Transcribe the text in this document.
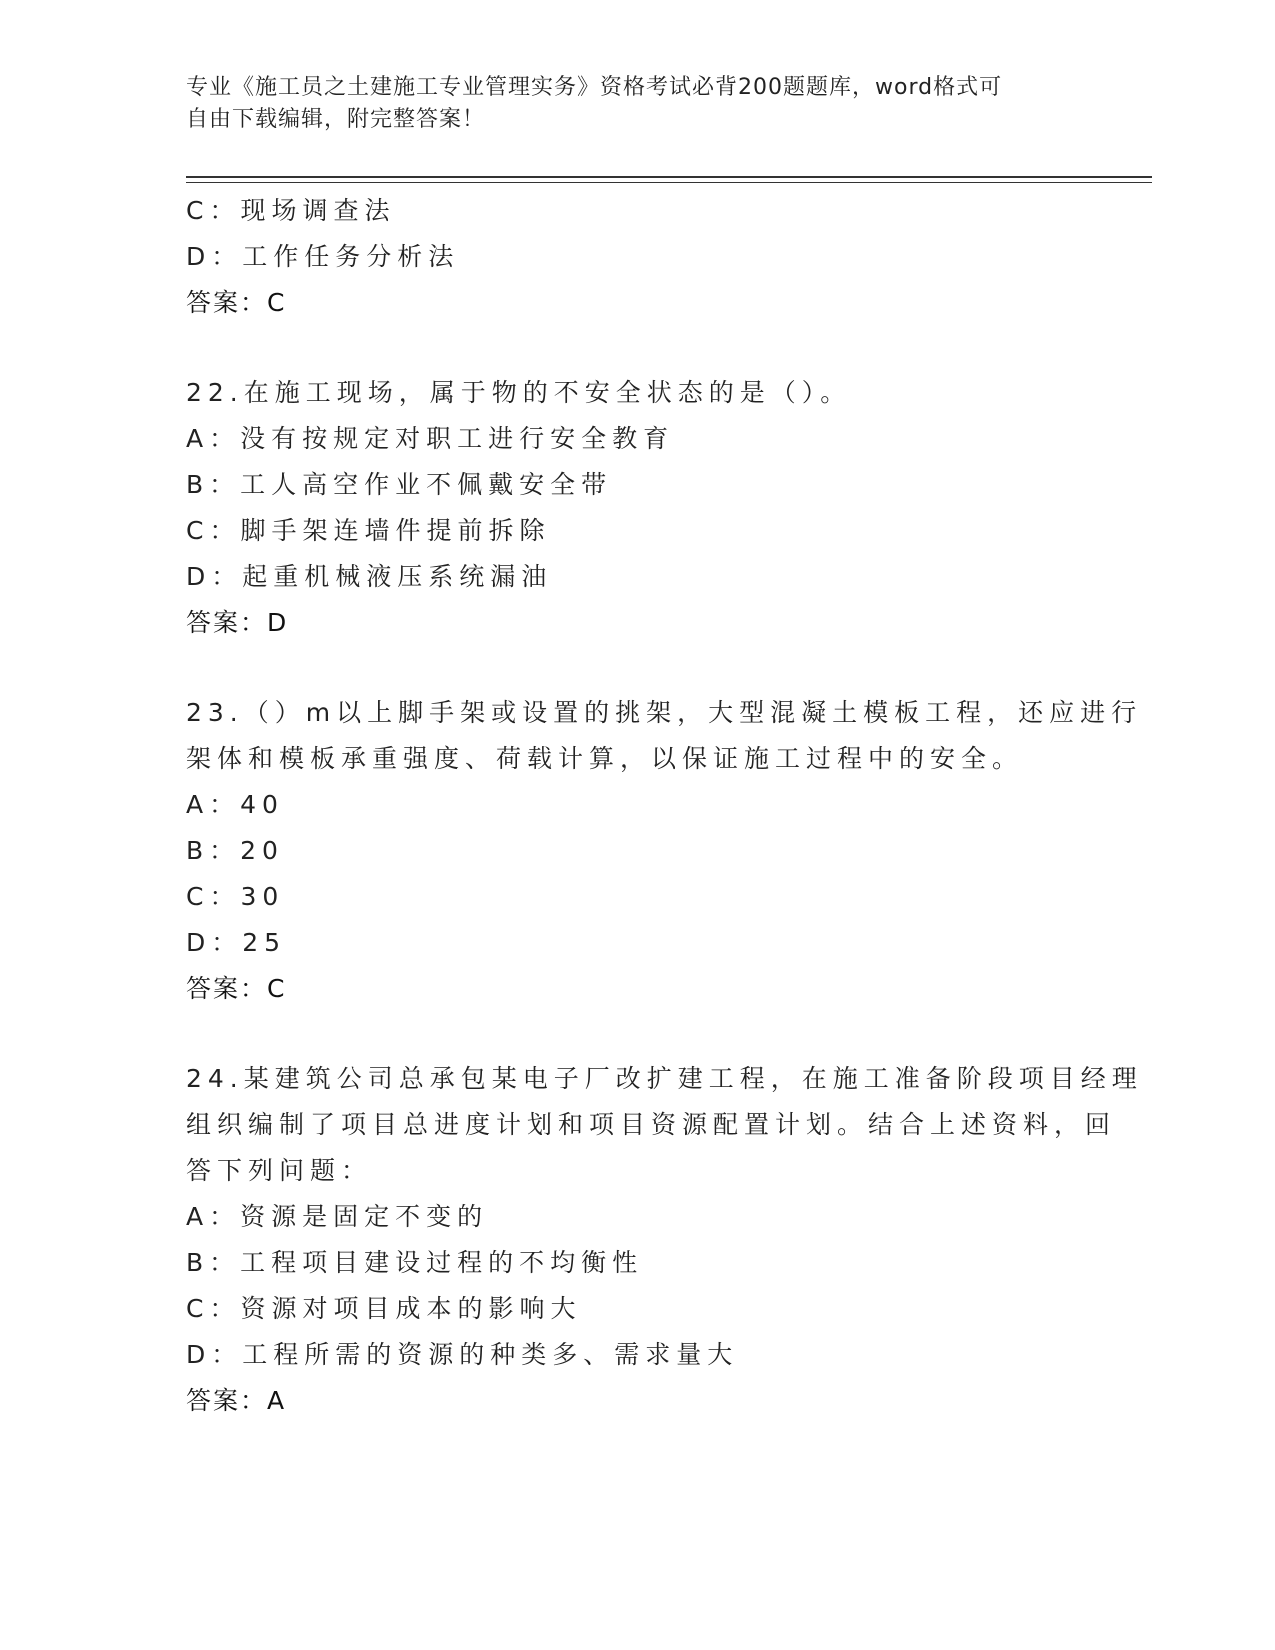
专业《施工员之土建施工专业管理实务》资格考试必背200题题库，word格式可
自由下载编辑，附完整答案！
C：现场调查法
D：工作任务分析法
答案：C
22.在施工现场，属于物的不安全状态的是（）。
A：没有按规定对职工进行安全教育
B：工人高空作业不佩戴安全带
C：脚手架连墙件提前拆除
D：起重机械液压系统漏油
答案：D
23.（）m以上脚手架或设置的挑架，大型混凝土模板工程，还应进行
架体和模板承重强度、荷载计算，以保证施工过程中的安全。
A：40
B：20
C：30
D：25
答案：C
24.某建筑公司总承包某电子厂改扩建工程，在施工准备阶段项目经理
组织编制了项目总进度计划和项目资源配置计划。结合上述资料，回
答下列问题：
A：资源是固定不变的
B：工程项目建设过程的不均衡性
C：资源对项目成本的影响大
D：工程所需的资源的种类多、需求量大
答案：A
